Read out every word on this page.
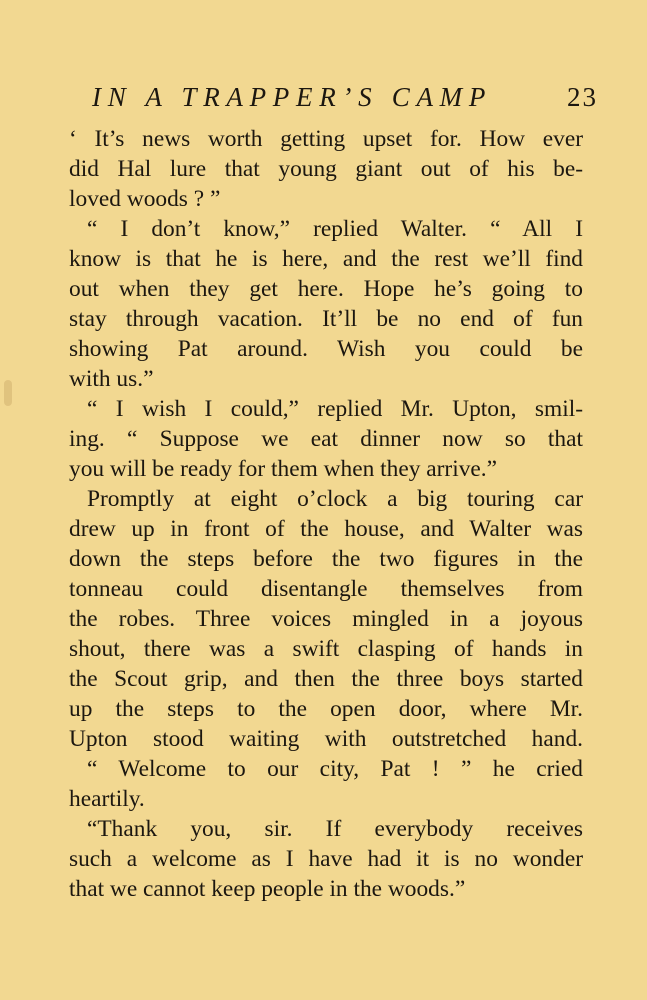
IN A TRAPPER’S CAMP	23
‘ It’s news worth getting upset for. How ever
did Hal lure that young giant out of his be-
loved woods ? ”
“ I don’t know,” replied Walter. “ All I
know is that he is here, and the rest we’ll find
out when they get here. Hope he’s going to
stay through vacation. It’ll be no end of fun
showing Pat around. Wish you could be
with us.”
“ I wish I could,” replied Mr. Upton, smil-
ing. “ Suppose we eat dinner now so that
you will be ready for them when they arrive.”
Promptly at eight o’clock a big touring car
drew up in front of the house, and Walter was
down the steps before the two figures in the
tonneau could disentangle themselves from
the robes. Three voices mingled in a joyous
shout, there was a swift clasping of hands in
the Scout grip, and then the three boys started
up the steps to the open door, where Mr.
Upton stood waiting with outstretched hand.
“ Welcome to our city, Pat ! ” he cried
heartily.
“Thank you, sir. If everybody receives
such a welcome as I have had it is no wonder
that we cannot keep people in the woods.”
